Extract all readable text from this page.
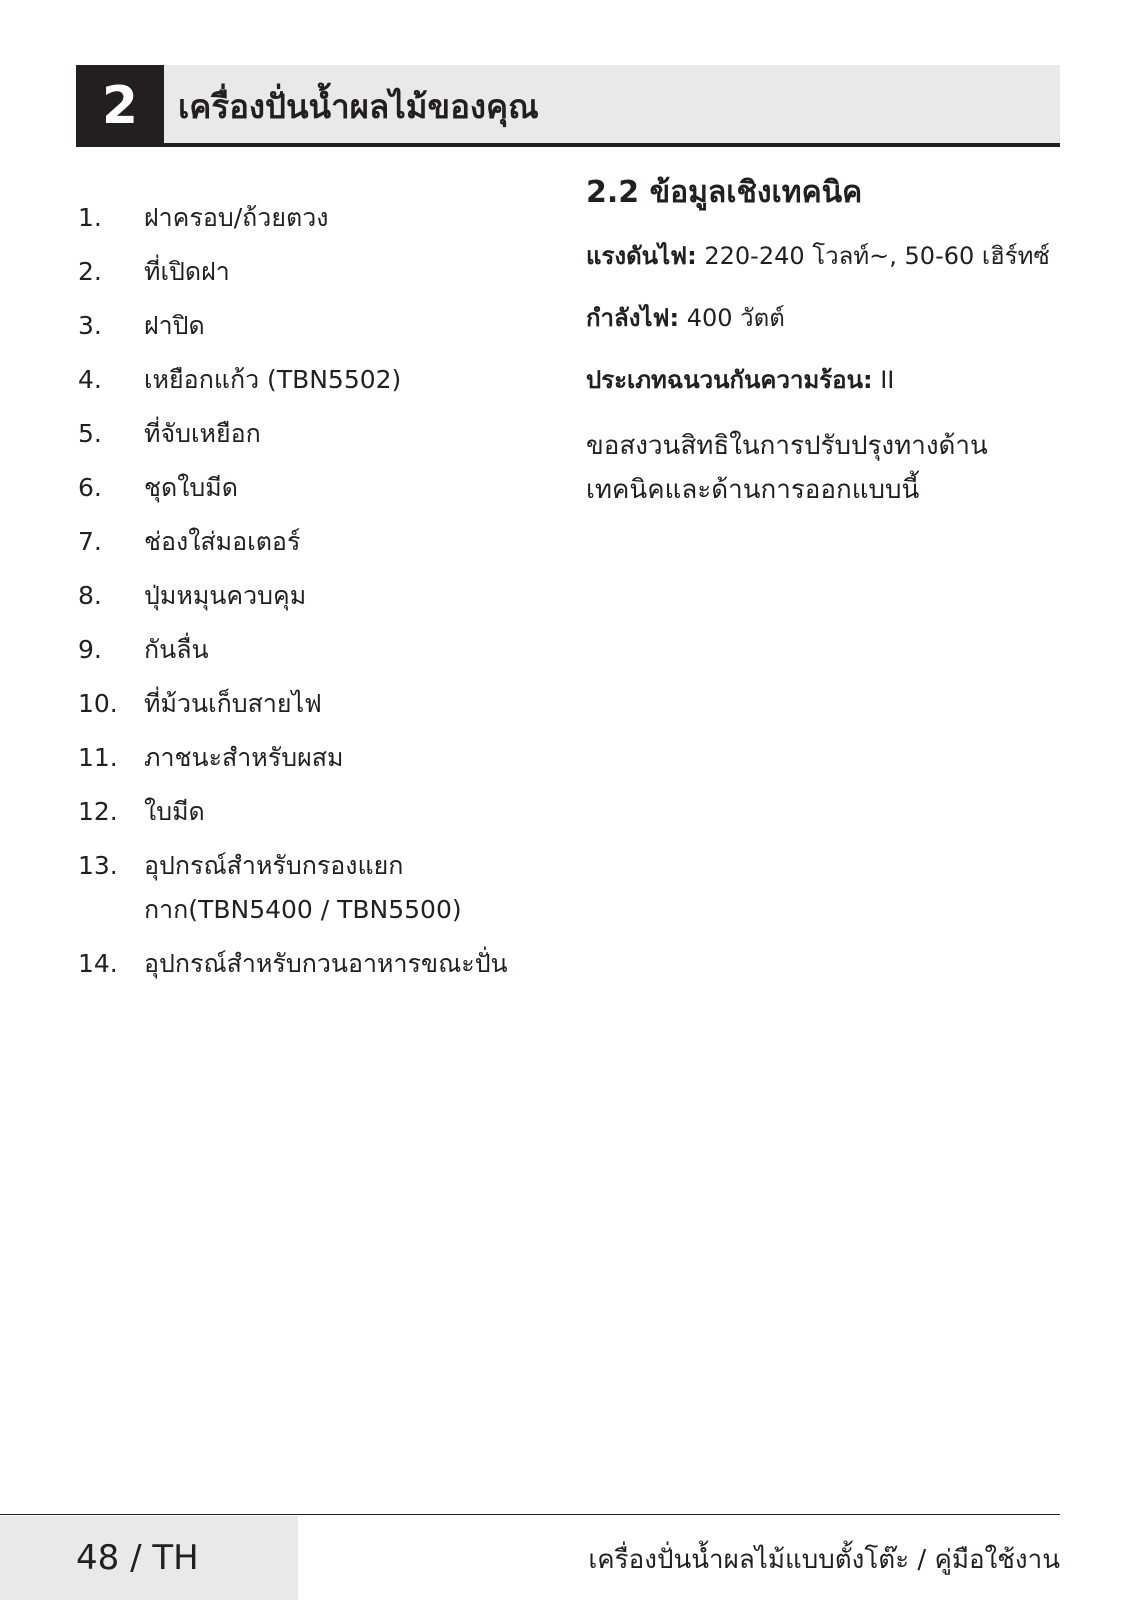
2	เครื่องปั่นน้ำผลไม้ของคุณ
1.	ฝาครอบ/ถ้วยตวง
2.	ที่เปิดฝา
3.	ฝาปิด
4.	เหยือกแก้ว (TBN5502)
5.	ที่จับเหยือก
6.	ชุดใบมีด
7.	ช่องใส่มอเตอร์
8.	ปุ่มหมุนควบคุม
9.	กันลื่น
10.	ที่ม้วนเก็บสายไฟ
11.	ภาชนะสำหรับผสม
12.	ใบมีด
13.	อุปกรณ์สำหรับกรองแยกกาก(TBN5400 / TBN5500)
14.	อุปกรณ์สำหรับกวนอาหารขณะปั่น
2.2 ข้อมูลเชิงเทคนิค
แรงดันไฟ: 220-240 โวลท์~, 50-60 เฮิร์ทซ์
กำลังไฟ: 400 วัตต์
ประเภทฉนวนกันความร้อน: II

ขอสงวนสิทธิในการปรับปรุงทางด้านเทคนิคและด้านการออกแบบนี้

48 / TH	เครื่องปั่นน้ำผลไม้แบบตั้งโต๊ะ / คู่มือใช้งาน
